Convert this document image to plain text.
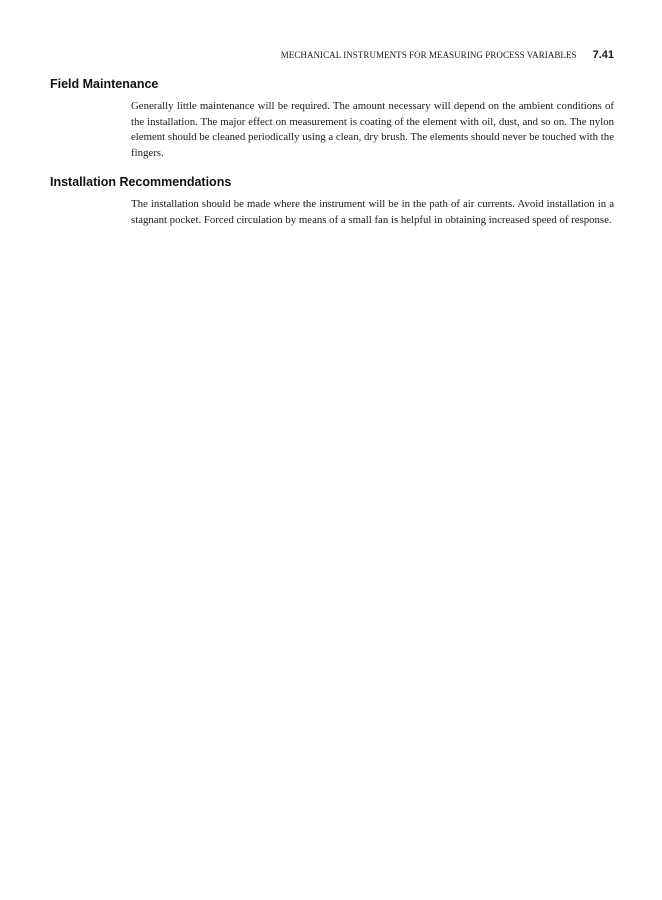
MECHANICAL INSTRUMENTS FOR MEASURING PROCESS VARIABLES 7.41
Field Maintenance

Generally little maintenance will be required. The amount necessary will depend on the ambient conditions of the installation. The major effect on measurement is coating of the element with oil, dust, and so on. The nylon element should be cleaned periodically using a clean, dry brush. The elements should never be touched with the fingers.

Installation Recommendations

The installation should be made where the instrument will be in the path of air currents. Avoid installation in a stagnant pocket. Forced circulation by means of a small fan is helpful in obtaining increased speed of response.
